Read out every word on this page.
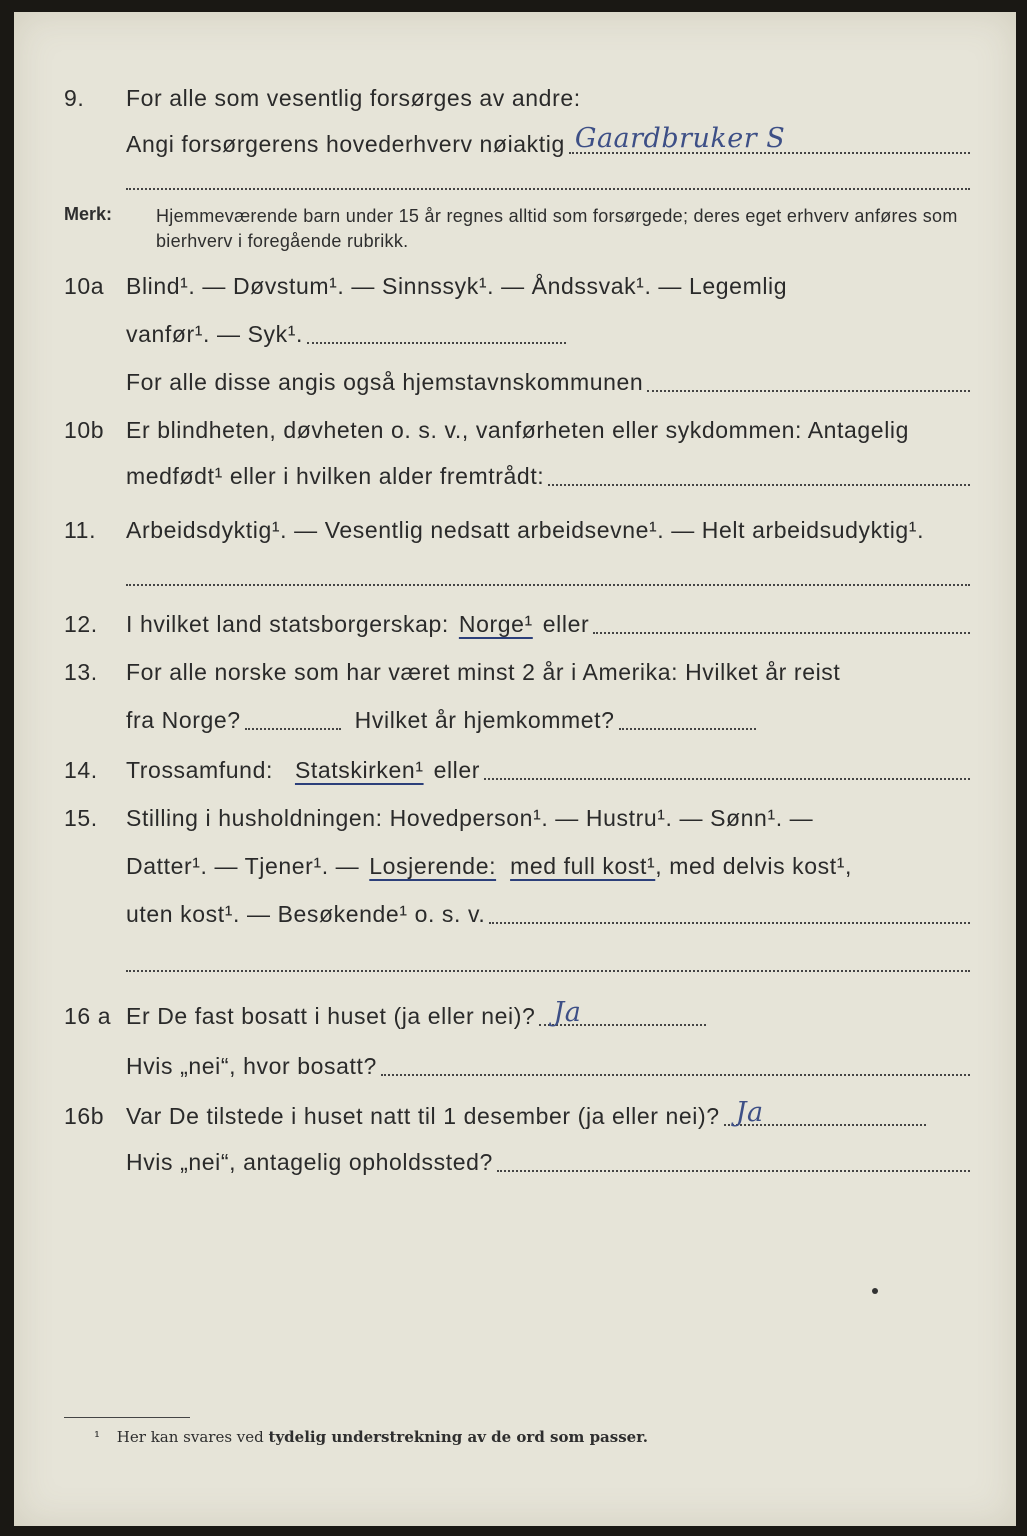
9. For alle som vesentlig forsørges av andre:
Angi forsørgerens hovederhverv nøiaktig Gaardbruker S
Merk: Hjemmeværende barn under 15 år regnes alltid som forsørgede; deres eget erhverv anføres som bierhverv i foregående rubrikk.
10a Blind¹. — Døvstum¹. — Sinnssyk¹. — Åndssvak¹. — Legemlig
vanfør¹. — Syk¹.
For alle disse angis også hjemstavnskommunen
10b Er blindheten, døvheten o. s. v., vanførheten eller sykdommen: Antagelig
medfødt¹ eller i hvilken alder fremtrådt:
11. Arbeidsdyktig¹. — Vesentlig nedsatt arbeidsevne¹. — Helt arbeidsudyktig¹.
12. I hvilket land statsborgerskap: Norge¹ eller
13. For alle norske som har været minst 2 år i Amerika: Hvilket år reist
fra Norge?	Hvilket år hjemkommet?
14. Trossamfund: Statskirken¹ eller
15. Stilling i husholdningen: Hovedperson¹. — Hustru¹. — Sønn¹. —
Datter¹. — Tjener¹. — Losjerende: med full kost¹ , med delvis kost¹,
uten kost¹. — Besøkende¹ o. s. v.
16 a Er De fast bosatt i huset (ja eller nei)? Ja
Hvis „nei“, hvor bosatt?
16b Var De tilstede i huset natt til 1 desember (ja eller nei)? Ja
Hvis „nei“, antagelig opholdssted?
¹ Her kan svares ved tydelig understrekning av de ord som passer.
